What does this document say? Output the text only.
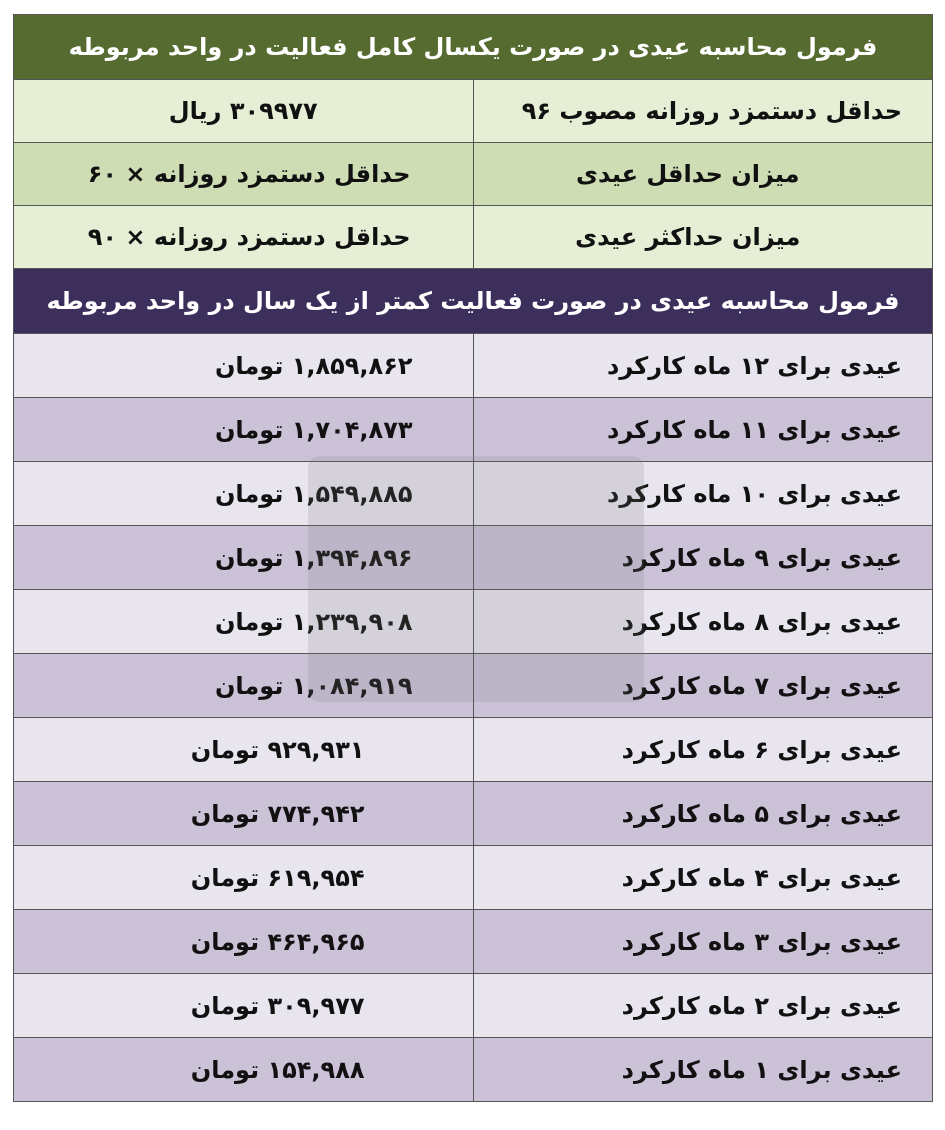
فرمول محاسبه عیدی در صورت یکسال کامل فعالیت در واحد مربوطه	
حداقل دستمزد روزانه مصوب ۹۶	۳۰۹۹۷۷ ریال
میزان حداقل عیدی	حداقل دستمزد روزانه × ۶۰
میزان حداکثر عیدی	حداقل دستمزد روزانه × ۹۰
فرمول محاسبه عیدی در صورت فعالیت کمتر از یک سال در واحد مربوطه	
عیدی برای ۱۲ ماه کارکرد	۱,۸۵۹,۸۶۲ تومان
عیدی برای ۱۱ ماه کارکرد	۱,۷۰۴,۸۷۳ تومان
عیدی برای ۱۰ ماه کارکرد	۱,۵۴۹,۸۸۵ تومان
عیدی برای ۹ ماه کارکرد	۱,۳۹۴,۸۹۶ تومان
عیدی برای ۸ ماه کارکرد	۱,۲۳۹,۹۰۸ تومان
عیدی برای ۷ ماه کارکرد	۱,۰۸۴,۹۱۹ تومان
عیدی برای ۶ ماه کارکرد	۹۲۹,۹۳۱ تومان
عیدی برای ۵ ماه کارکرد	۷۷۴,۹۴۲ تومان
عیدی برای ۴ ماه کارکرد	۶۱۹,۹۵۴ تومان
عیدی برای ۳ ماه کارکرد	۴۶۴,۹۶۵ تومان
عیدی برای ۲ ماه کارکرد	۳۰۹,۹۷۷ تومان
عیدی برای ۱ ماه کارکرد	۱۵۴,۹۸۸ تومان
